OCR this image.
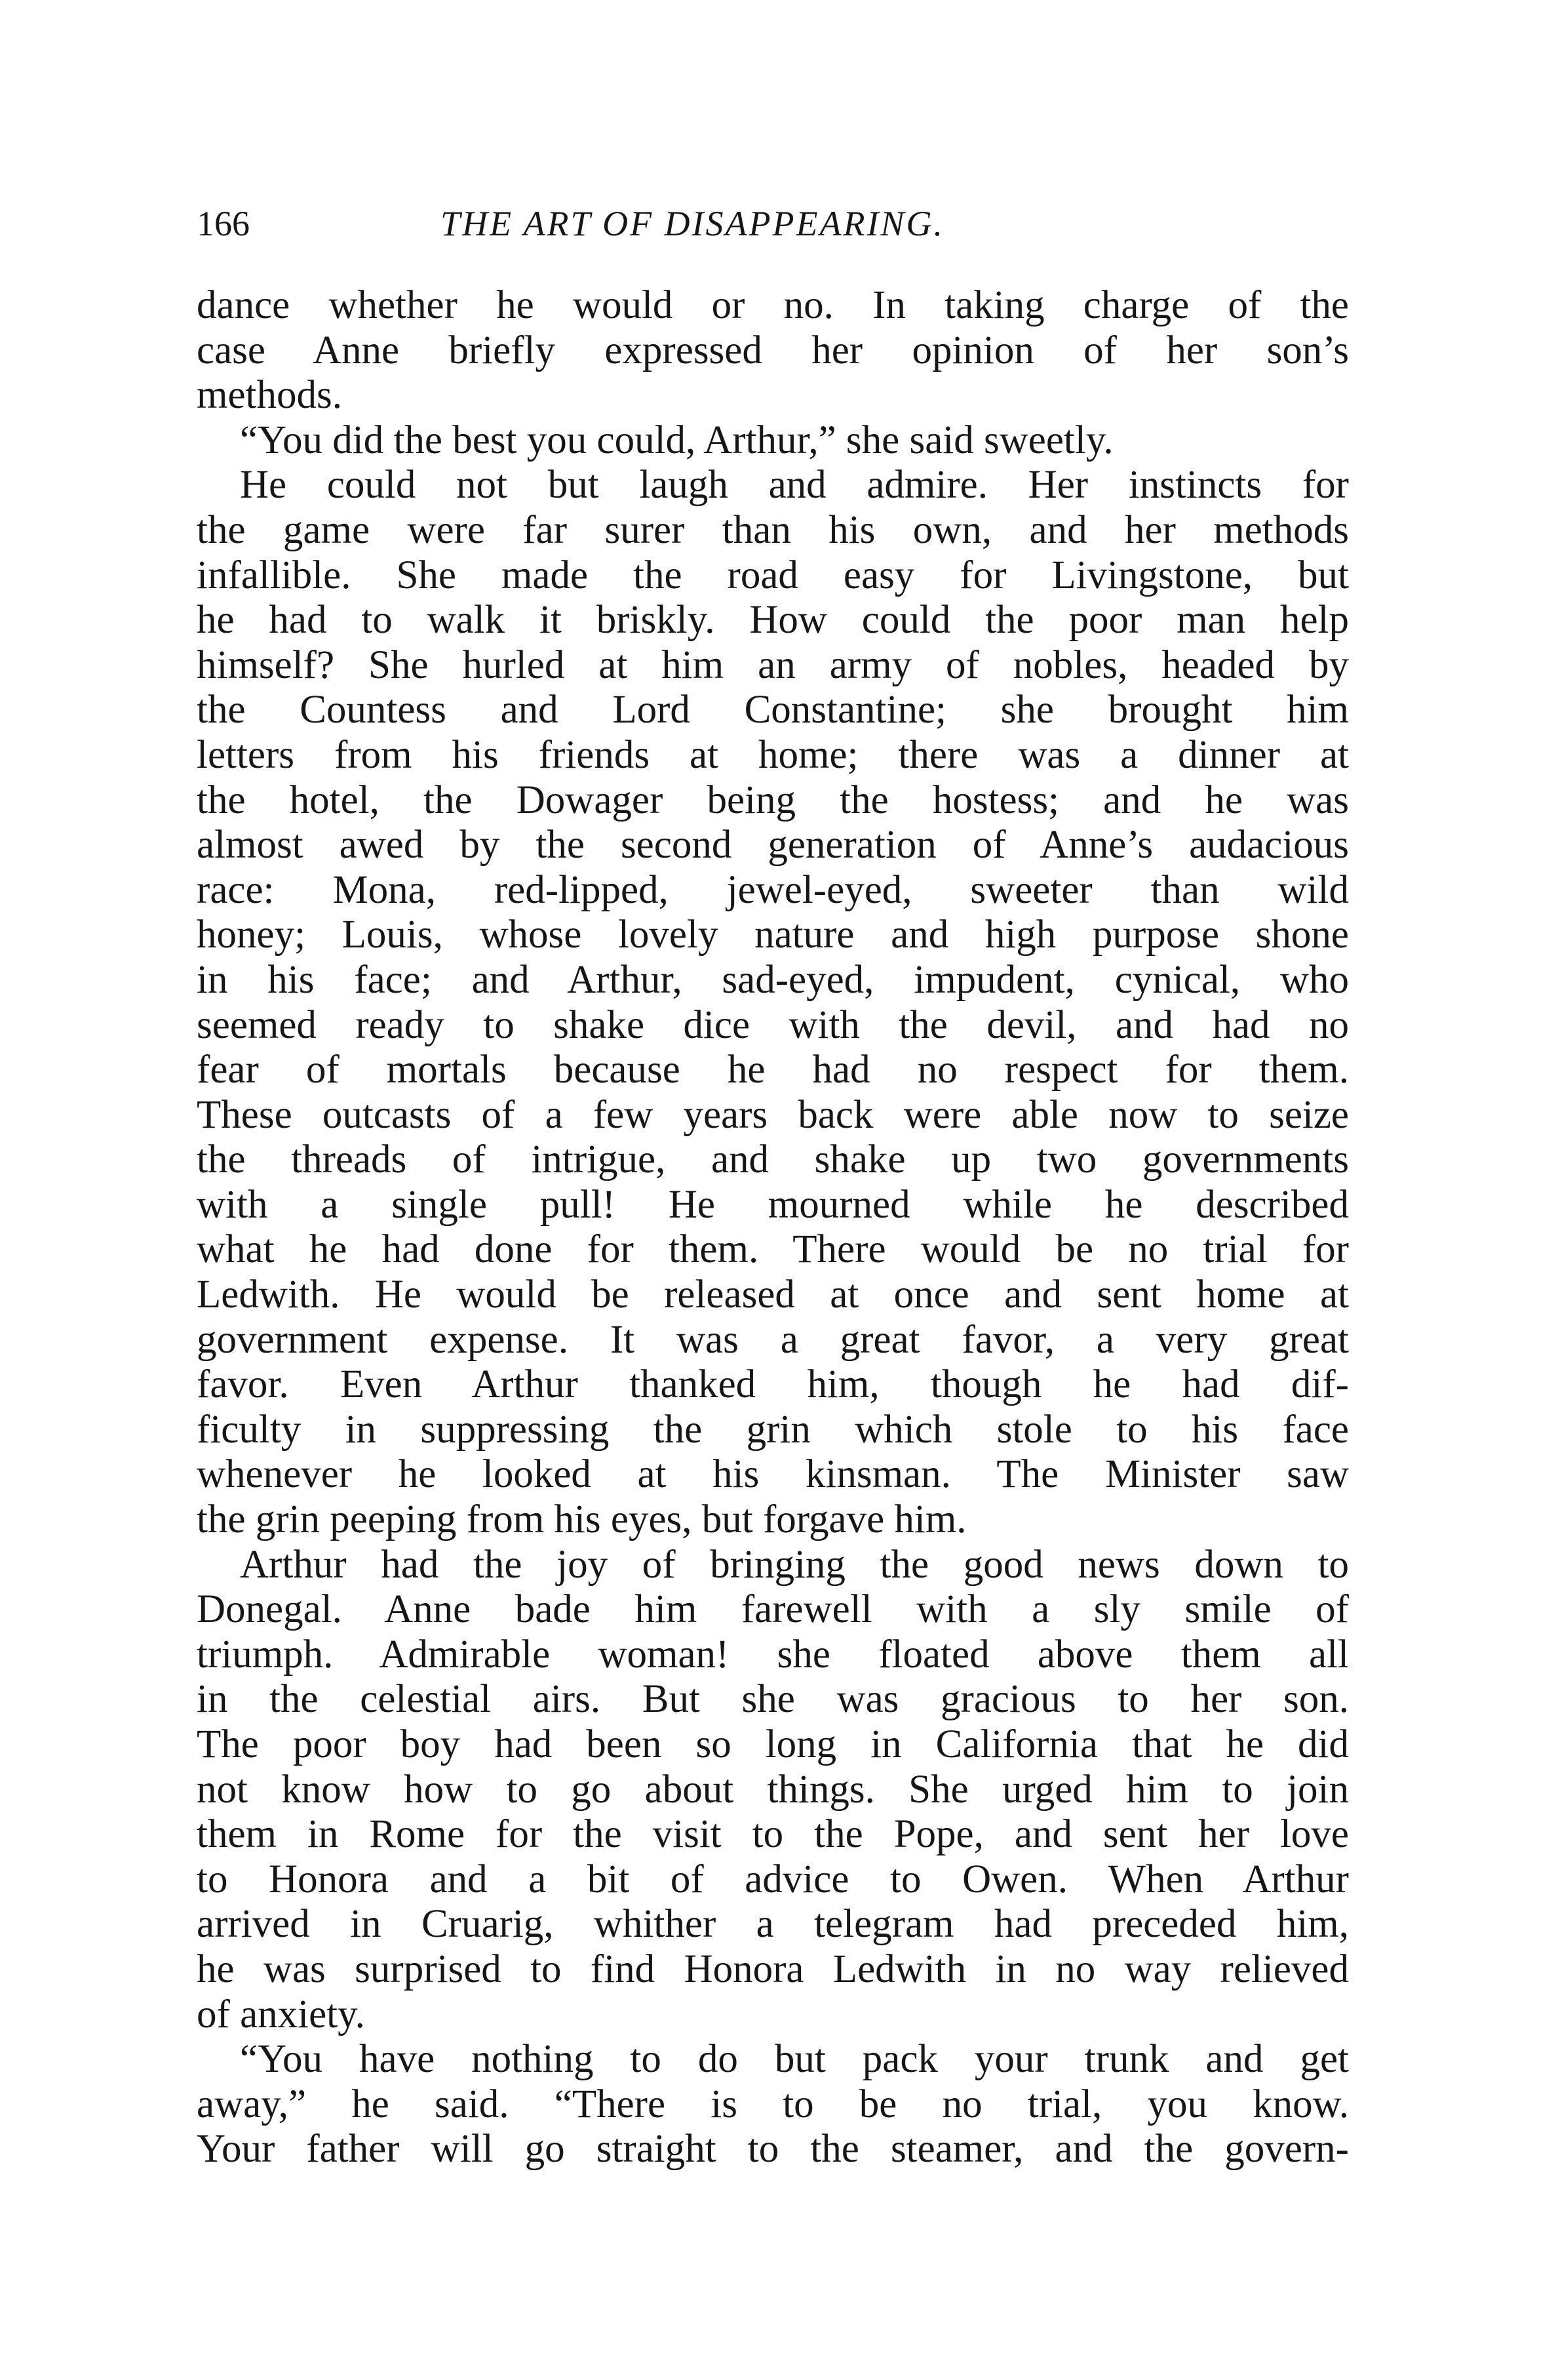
166	THE ART OF DISAPPEARING.
dance whether he would or no. In taking charge of the
case Anne briefly expressed her opinion of her son’s
methods.
“You did the best you could, Arthur,” she said sweetly.
He could not but laugh and admire. Her instincts for
the game were far surer than his own, and her methods
infallible. She made the road easy for Livingstone, but
he had to walk it briskly. How could the poor man help
himself? She hurled at him an army of nobles, headed by
the Countess and Lord Constantine; she brought him
letters from his friends at home; there was a dinner at
the hotel, the Dowager being the hostess; and he was
almost awed by the second generation of Anne’s audacious
race: Mona, red-lipped, jewel-eyed, sweeter than wild
honey; Louis, whose lovely nature and high purpose shone
in his face; and Arthur, sad-eyed, impudent, cynical, who
seemed ready to shake dice with the devil, and had no
fear of mortals because he had no respect for them.
These outcasts of a few years back were able now to seize
the threads of intrigue, and shake up two governments
with a single pull! He mourned while he described
what he had done for them. There would be no trial for
Ledwith. He would be released at once and sent home at
government expense. It was a great favor, a very great
favor. Even Arthur thanked him, though he had dif-
ficulty in suppressing the grin which stole to his face
whenever he looked at his kinsman. The Minister saw
the grin peeping from his eyes, but forgave him.
Arthur had the joy of bringing the good news down to
Donegal. Anne bade him farewell with a sly smile of
triumph. Admirable woman! she floated above them all
in the celestial airs. But she was gracious to her son.
The poor boy had been so long in California that he did
not know how to go about things. She urged him to join
them in Rome for the visit to the Pope, and sent her love
to Honora and a bit of advice to Owen. When Arthur
arrived in Cruarig, whither a telegram had preceded him,
he was surprised to find Honora Ledwith in no way relieved
of anxiety.
“You have nothing to do but pack your trunk and get
away,” he said. “There is to be no trial, you know.
Your father will go straight to the steamer, and the govern-
